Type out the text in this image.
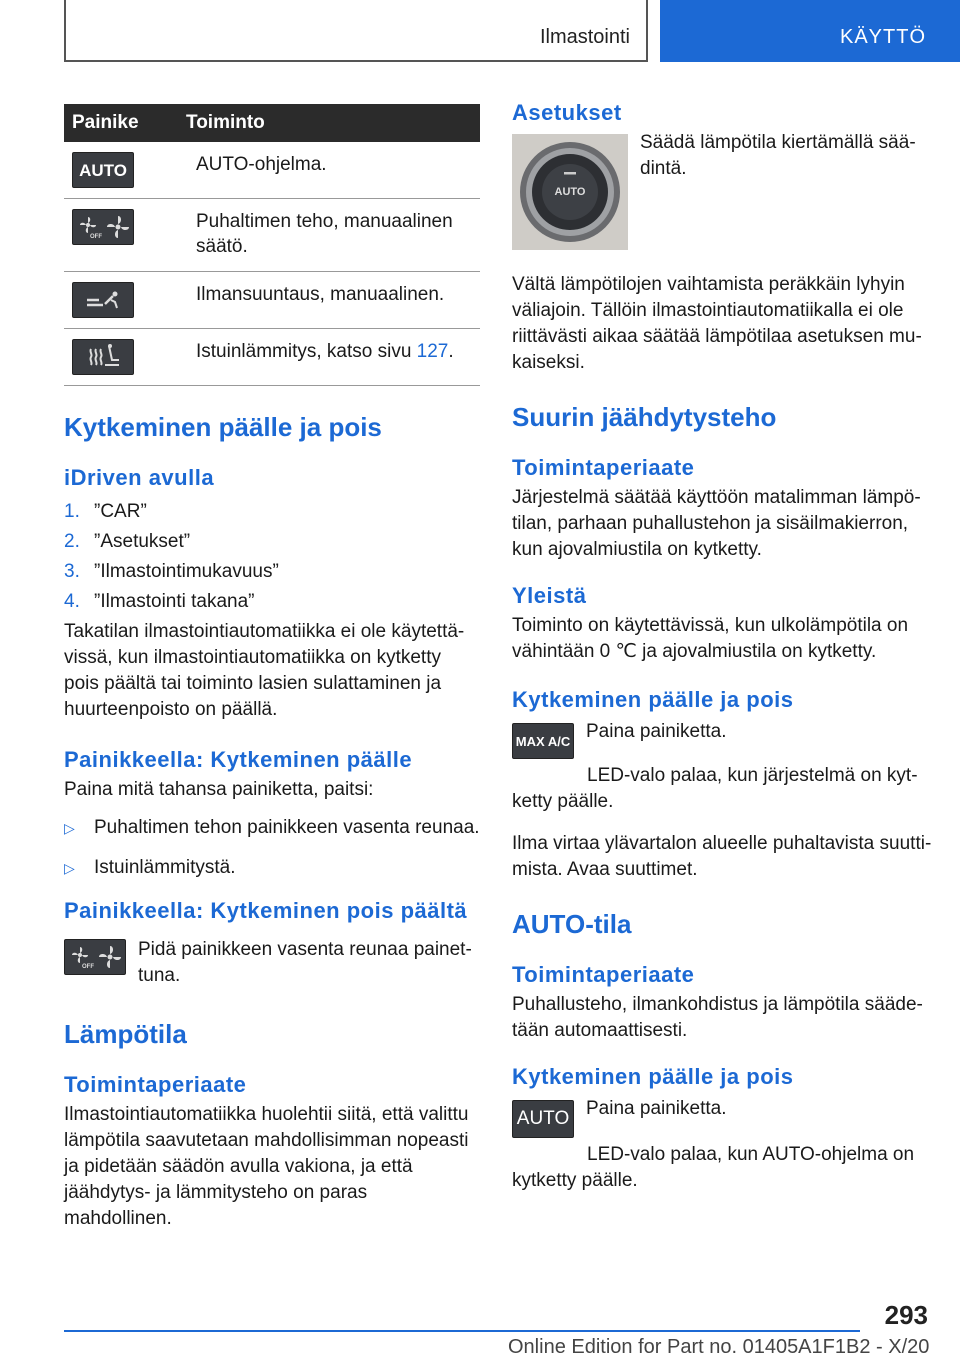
Ilmastointi	KÄYTTÖ
Painike	Toiminto

AUTO	AUTO-ohjelma.

OFF	Puhaltimen teho, manuaalinen säätö.

	Ilmansuuntaus, manuaalinen.

	Istuinlämmitys, katso sivu 127.
Kytkeminen päälle ja pois
iDriven avulla
1. ”CAR”
2. ”Asetukset”
3. ”Ilmastointimukavuus”
4. ”Ilmastointi takana”

Takatilan ilmastointiautomatiikka ei ole käytettävissä, kun ilmastointiautomatiikka on kytketty pois päältä tai toiminto lasien sulattaminen ja huurteenpoisto on päällä.

Painikkeella: Kytkeminen päälle

Paina mitä tahansa painiketta, paitsi:

▷	Puhaltimen tehon painikkeen vasenta reunaa.
▷	Istuinlämmitystä.
Painikkeella: Kytkeminen pois päältä
OFF

Pidä painikkeen vasenta reunaa painettuna.

Lämpötila
Toimintaperiaate

Ilmastointiautomatiikka huolehtii siitä, että valittu lämpötila saavutetaan mahdollisimman nopeasti ja pidetään säädön avulla vakiona, ja että jäähdytys- ja lämmitysteho on paras mahdollinen.

Asetukset
AUTO

Säädä lämpötila kiertämällä säädintä.

Vältä lämpötilojen vaihtamista peräkkäin lyhyin väliajoin. Tällöin ilmastointiautomatiikalla ei ole riittävästi aikaa säätää lämpötilaa asetuksen mukaiseksi.

Suurin jäähdytysteho
Toimintaperiaate

Järjestelmä säätää käyttöön matalimman lämpötilan, parhaan puhallustehon ja sisäilmakierron, kun ajovalmiustila on kytketty.

Yleistä

Toiminto on käytettävissä, kun ulkolämpötila on vähintään 0 ℃ ja ajovalmiustila on kytketty.

Kytkeminen päälle ja pois
MAX A/C Paina painiketta.

LED-valo palaa, kun järjestelmä on kytketty päälle.

Ilma virtaa ylävartalon alueelle puhaltavista suuttimista. Avaa suuttimet.

AUTO-tila
Toimintaperiaate

Puhallusteho, ilmankohdistus ja lämpötila säädetään automaattisesti.

Kytkeminen päälle ja pois
AUTO Paina painiketta.

LED-valo palaa, kun AUTO-ohjelma on kytketty päälle.

293
Online Edition for Part no. 01405A1F1B2 - X/20
